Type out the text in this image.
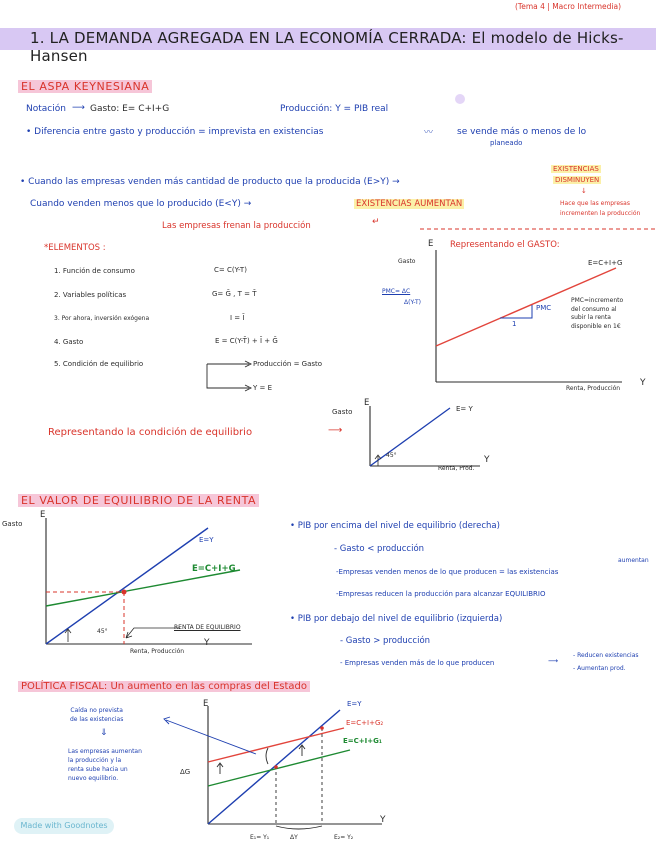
(Tema 4 | Macro Intermedia)
1. LA DEMANDA AGREGADA EN LA ECONOMÍA CERRADA: El modelo de Hicks-Hansen
EL ASPA KEYNESIANA
Notación ⟶ Gasto: E= C+I+G	Producción: Y = PIB real
• Diferencia entre gasto y producción = imprevista en existencias	〰	se vende más o menos de lo
planeado
• Cuando las empresas venden más cantidad de producto que la producida (E>Y) →
EXISTENCIAS
DISMINUYEN
↓
Hace que las empresas
incrementen la producción
Cuando venden menos que lo producido (E<Y) →	EXISTENCIAS AUMENTAN
Las empresas frenan la producción	↵
*ELEMENTOS :
1. Función de consumo	C= C(Y-T)
2. Variables políticas	G= Ḡ , T = T̄
3. Por ahora, inversión exógena	I = Ī
4. Gasto	E = C(Y-T̄) + Ī + Ḡ
5. Condición de equilibrio	Producción = Gasto
Y = E
E Representando el GASTO:
Gasto	E=C+I+G
PMC= ΔC
Δ(Y-T)
PMC
1
PMC=incremento
del consumo al
subir la renta
disponible en 1€
Renta, Producción
Y
Gasto
E
E= Y
45°
Renta, Prod.
Y
Representando la condición de equilibrio	⟶
EL VALOR DE EQUILIBRIO DE LA RENTA
Gasto
E
E=Y
E=C+I+G
45°
RENTA DE EQUILIBRIO
Renta, Producción
Y
• PIB por encima del nivel de equilibrio (derecha)
- Gasto < producción
aumentan
-Empresas venden menos de lo que producen = las existencias
-Empresas reducen la producción para alcanzar EQUILIBRIO
• PIB por debajo del nivel de equilibrio (izquierda)
- Gasto > producción
- Empresas venden más de lo que producen	⟶
- Reducen existencias
- Aumentan prod.
POLÍTICA FISCAL: Un aumento en las compras del Estado
Caída no prevista
de las existencias
⇓
Las empresas aumentan
la producción y la
renta sube hacia un
nuevo equilibrio.
E	E=Y
E=C+I+G₂
E=C+I+G₁
ΔG
ΔY
Y
E₁= Y₁	E₂= Y₂
Made with Goodnotes
